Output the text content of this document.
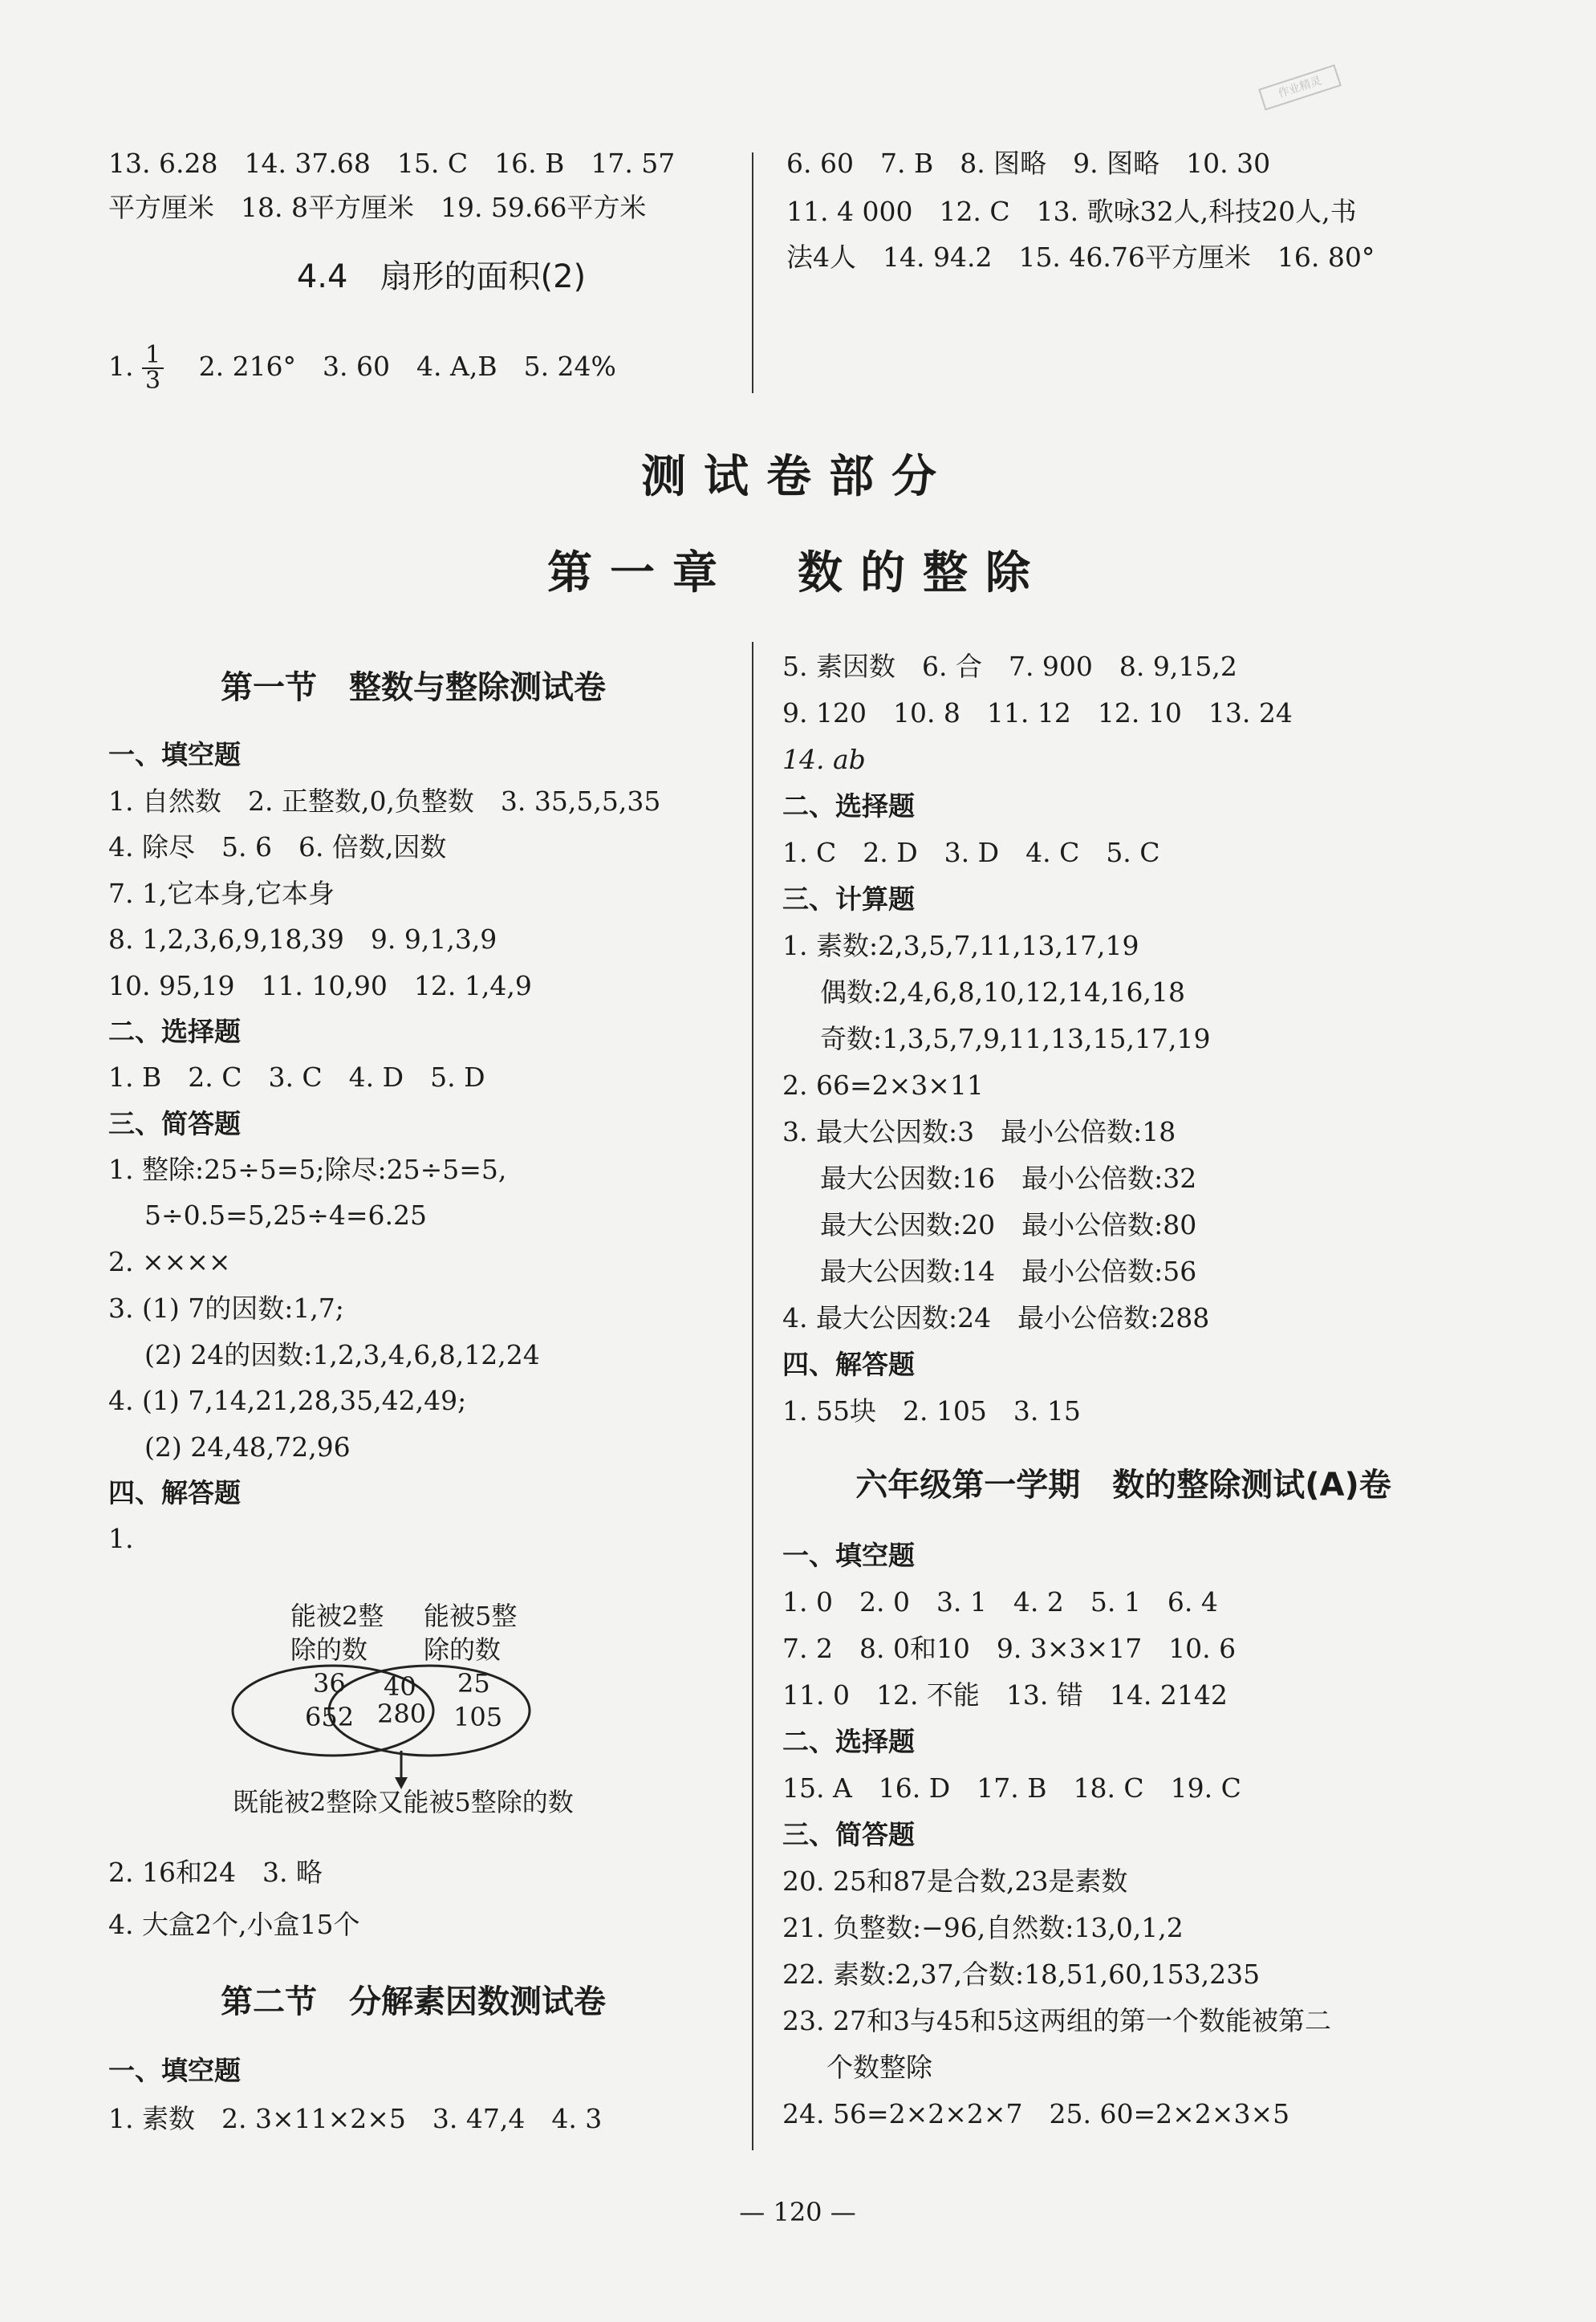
作业精灵
13. 6.28　14. 37.68　15. C　16. B　17. 57
平方厘米　18. 8平方厘米　19. 59.66平方米
4.4　扇形的面积(2)
1. $\frac{1}{3}$ 　2. 216°　3. 60　4. A,B　5. 24%
6. 60　7. B　8. 图略　9. 图略　10. 30
11. 4 000　12. C　13. 歌咏32人,科技20人,书
法4人　14. 94.2　15. 46.76平方厘米　16. 80°
测试卷部分
第一章　数的整除
第一节　整数与整除测试卷
一、填空题
1. 自然数　2. 正整数,0,负整数　3. 35,5,5,35
4. 除尽　5. 6　6. 倍数,因数
7. 1,它本身,它本身
8. 1,2,3,6,9,18,39　9. 9,1,3,9
10. 95,19　11. 10,90　12. 1,4,9
二、选择题
1. B　2. C　3. C　4. D　5. D
三、简答题
1. 整除:25÷5=5;除尽:25÷5=5,
5÷0.5=5,25÷4=6.25
2. ××××
3. (1) 7的因数:1,7;
(2) 24的因数:1,2,3,4,6,8,12,24
4. (1) 7,14,21,28,35,42,49;
(2) 24,48,72,96
四、解答题
1.
能被2整
除的数
能被5整
除的数
36
652
40
280
25
105
既能被2整除又能被5整除的数
2. 16和24　3. 略
4. 大盒2个,小盒15个
第二节　分解素因数测试卷
一、填空题
1. 素数　2. 3×11×2×5　3. 47,4　4. 3
5. 素因数　6. 合　7. 900　8. 9,15,2
9. 120　10. 8　11. 12　12. 10　13. 24
14. ab
二、选择题
1. C　2. D　3. D　4. C　5. C
三、计算题
1. 素数:2,3,5,7,11,13,17,19
偶数:2,4,6,8,10,12,14,16,18
奇数:1,3,5,7,9,11,13,15,17,19
2. 66=2×3×11
3. 最大公因数:3　最小公倍数:18
最大公因数:16　最小公倍数:32
最大公因数:20　最小公倍数:80
最大公因数:14　最小公倍数:56
4. 最大公因数:24　最小公倍数:288
四、解答题
1. 55块　2. 105　3. 15
六年级第一学期　数的整除测试(A)卷
一、填空题
1. 0　2. 0　3. 1　4. 2　5. 1　6. 4
7. 2　8. 0和10　9. 3×3×17　10. 6
11. 0　12. 不能　13. 错　14. 2142
二、选择题
15. A　16. D　17. B　18. C　19. C
三、简答题
20. 25和87是合数,23是素数
21. 负整数:−96,自然数:13,0,1,2
22. 素数:2,37,合数:18,51,60,153,235
23. 27和3与45和5这两组的第一个数能被第二
个数整除
24. 56=2×2×2×7　25. 60=2×2×3×5
— 120 —
